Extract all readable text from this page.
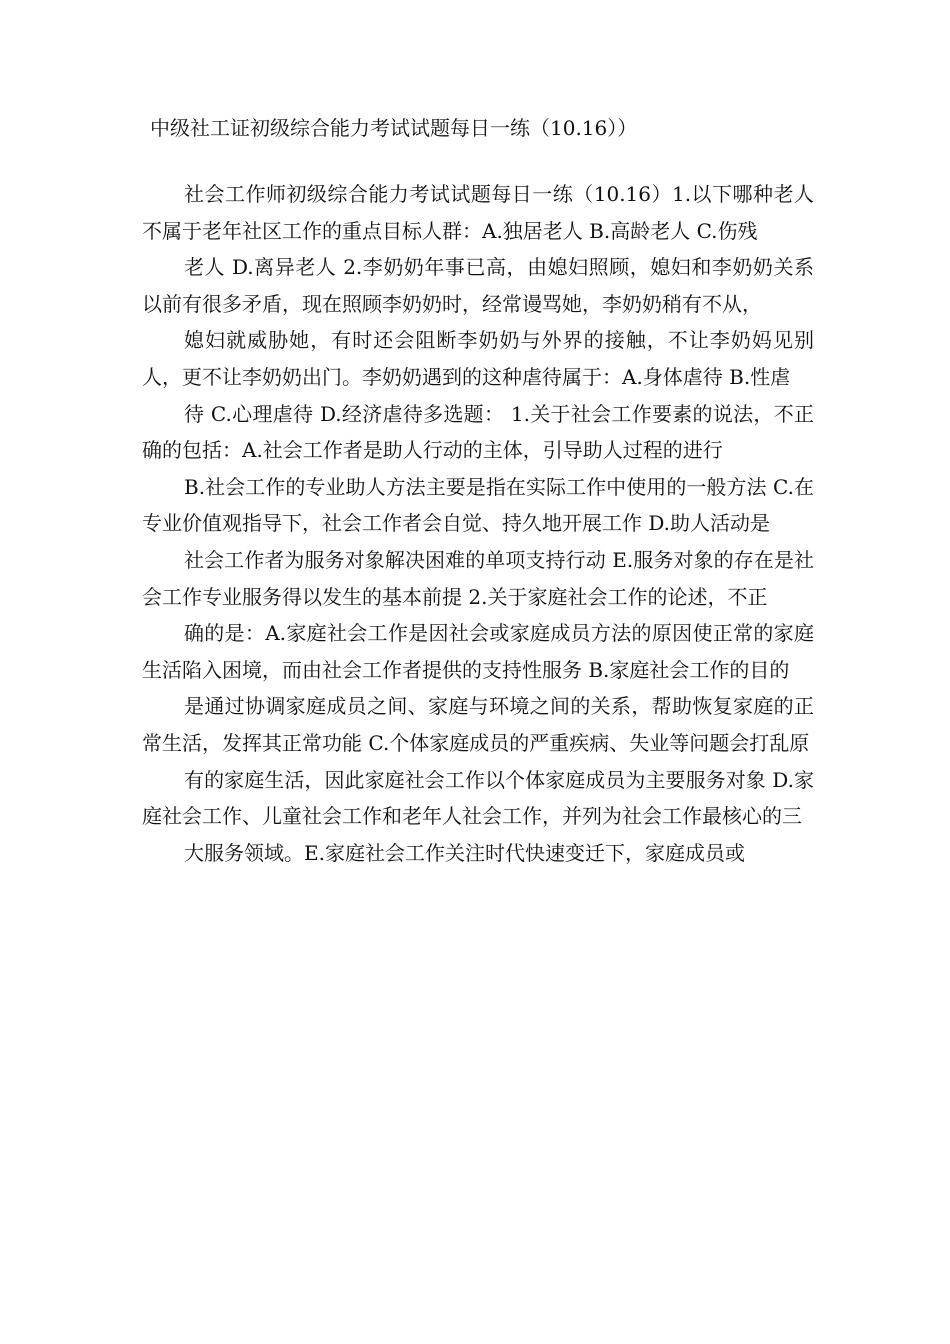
中级社工证初级综合能力考试试题每日一练（10.16））

社会工作师初级综合能力考试试题每日一练（10.16）1.以下哪种老人不属于老年社区工作的重点目标人群：A.独居老人 B.高龄老人 C.伤残

老人 D.离异老人 2.李奶奶年事已高，由媳妇照顾，媳妇和李奶奶关系以前有很多矛盾，现在照顾李奶奶时，经常谩骂她，李奶奶稍有不从，

媳妇就威胁她，有时还会阻断李奶奶与外界的接触，不让李奶妈见别人，更不让李奶奶出门。李奶奶遇到的这种虐待属于：A.身体虐待 B.性虐

待 C.心理虐待 D.经济虐待多选题： 1.关于社会工作要素的说法，不正确的包括：A.社会工作者是助人行动的主体，引导助人过程的进行

B.社会工作的专业助人方法主要是指在实际工作中使用的一般方法 C.在专业价值观指导下，社会工作者会自觉、持久地开展工作 D.助人活动是

社会工作者为服务对象解决困难的单项支持行动 E.服务对象的存在是社会工作专业服务得以发生的基本前提 2.关于家庭社会工作的论述，不正

确的是：A.家庭社会工作是因社会或家庭成员方法的原因使正常的家庭生活陷入困境，而由社会工作者提供的支持性服务 B.家庭社会工作的目的

是通过协调家庭成员之间、家庭与环境之间的关系，帮助恢复家庭的正常生活，发挥其正常功能 C.个体家庭成员的严重疾病、失业等问题会打乱原

有的家庭生活，因此家庭社会工作以个体家庭成员为主要服务对象 D.家庭社会工作、儿童社会工作和老年人社会工作，并列为社会工作最核心的三

大服务领域。E.家庭社会工作关注时代快速变迁下，家庭成员或
